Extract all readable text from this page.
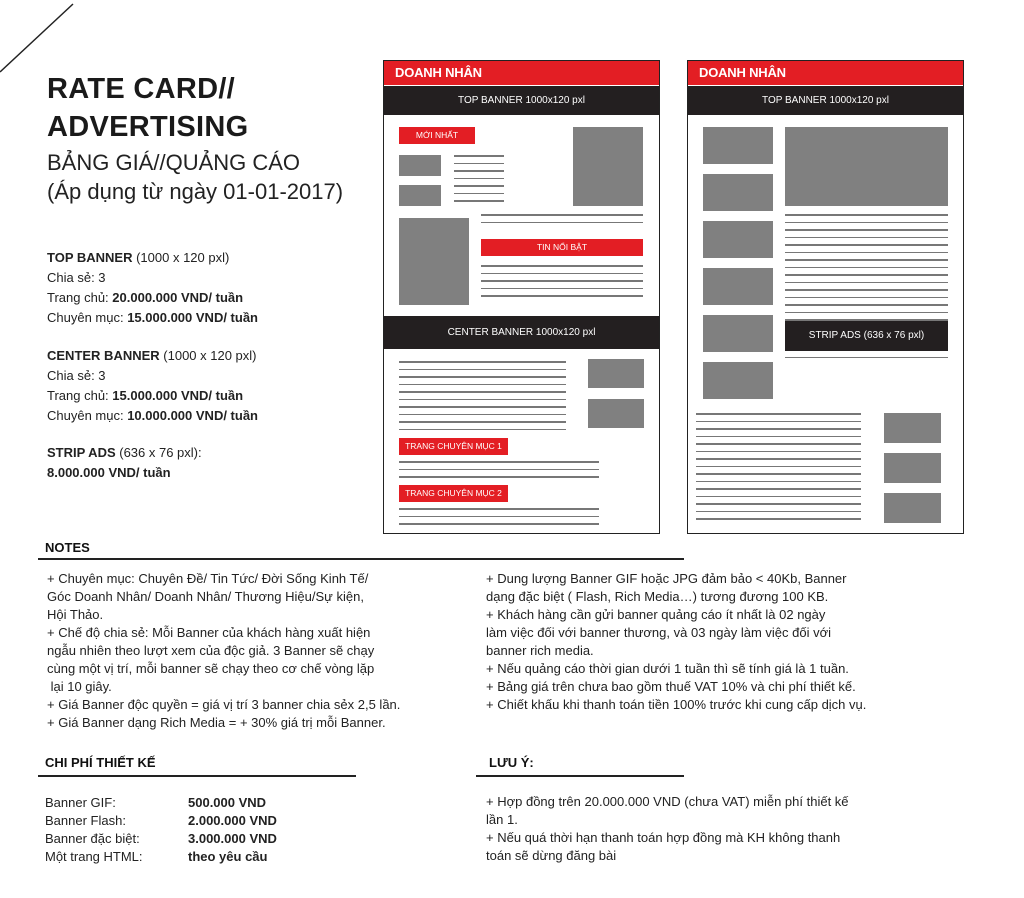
RATE CARD//
ADVERTISING
BẢNG GIÁ//QUẢNG CÁO
(Áp dụng từ ngày 01-01-2017)
TOP BANNER (1000 x 120 pxl)
Chia sẻ: 3
Trang chủ: 20.000.000 VND/ tuần
Chuyên mục: 15.000.000 VND/ tuần
CENTER BANNER (1000 x 120 pxl)
Chia sẻ: 3
Trang chủ: 15.000.000 VND/ tuần
Chuyên mục: 10.000.000 VND/ tuần
STRIP ADS (636 x 76 pxl):
8.000.000 VND/ tuần
DOANH NHÂN
TOP BANNER 1000x120 pxl
MỚI NHẤT
TIN NỔI BẬT
CENTER BANNER 1000x120 pxl
TRANG CHUYÊN MỤC 1
TRANG CHUYÊN MỤC 2
DOANH NHÂN
TOP BANNER 1000x120 pxl
STRIP ADS (636 x 76 pxl)
NOTES

+ Chuyên mục: Chuyên Đề/ Tin Tức/ Đời Sống Kinh Tế/

Góc Doanh Nhân/ Doanh Nhân/ Thương Hiệu/Sự kiện,

Hội Thảo.

+ Chế độ chia sẻ: Mỗi Banner của khách hàng xuất hiện

ngẫu nhiên theo lượt xem của độc giả. 3 Banner sẽ chạy

cùng một vị trí, mỗi banner sẽ chạy theo cơ chế vòng lặp

lại 10 giây.

+ Giá Banner độc quyền = giá vị trí 3 banner chia sẻx 2,5 lần.

+ Giá Banner dạng Rich Media = + 30% giá trị mỗi Banner.

+ Dung lượng Banner GIF hoặc JPG đảm bảo < 40Kb, Banner

dạng đặc biệt ( Flash, Rich Media…) tương đương 100 KB.

+ Khách hàng cần gửi banner quảng cáo ít nhất là 02 ngày

làm việc đối với banner thương, và 03 ngày làm việc đối với

banner rich media.

+ Nếu quảng cáo thời gian dưới 1 tuần thì sẽ tính giá là 1 tuần.

+ Bảng giá trên chưa bao gồm thuế VAT 10% và chi phí thiết kế.

+ Chiết khấu khi thanh toán tiền 100% trước khi cung cấp dịch vụ.

CHI PHÍ THIẾT KẾ
Banner GIF:	500.000 VND
Banner Flash:	2.000.000 VND
Banner đặc biệt:	3.000.000 VND
Một trang HTML:	theo yêu cầu
LƯU Ý:

+ Hợp đồng trên 20.000.000 VND (chưa VAT) miễn phí thiết kế

lần 1.

+ Nếu quá thời hạn thanh toán hợp đồng mà KH không thanh

toán sẽ dừng đăng bài
